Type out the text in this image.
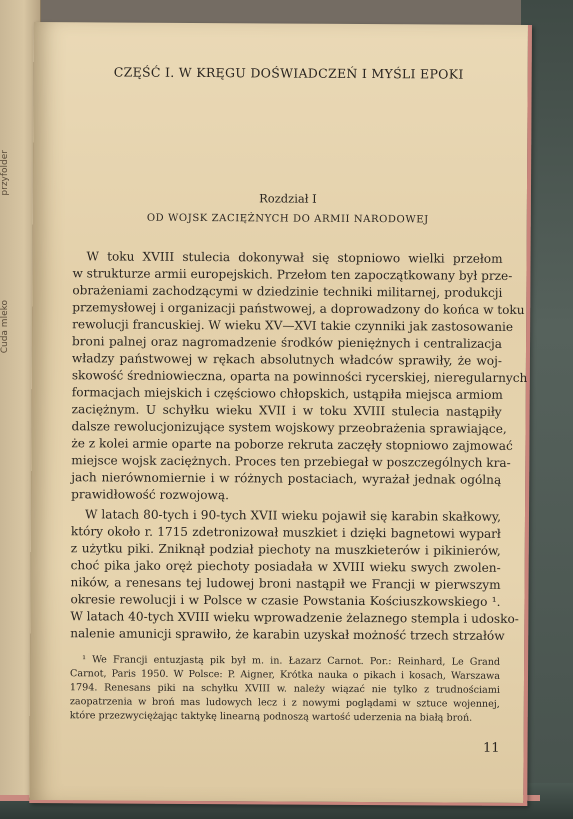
przyfolder
Cuda mleko
CZĘŚĆ I. W KRĘGU DOŚWIADCZEŃ I MYŚLI EPOKI
Rozdział I
OD WOJSK ZACIĘŻNYCH DO ARMII NARODOWEJ
W toku XVIII stulecia dokonywał się stopniowo wielki przełom
w strukturze armii europejskich. Przełom ten zapoczątkowany był prze-
obrażeniami zachodzącymi w dziedzinie techniki militarnej, produkcji
przemysłowej i organizacji państwowej, a doprowadzony do końca w toku
rewolucji francuskiej. W wieku XV—XVI takie czynniki jak zastosowanie
broni palnej oraz nagromadzenie środków pieniężnych i centralizacja
władzy państwowej w rękach absolutnych władców sprawiły, że woj-
skowość średniowieczna, oparta na powinności rycerskiej, nieregularnych
formacjach miejskich i częściowo chłopskich, ustąpiła miejsca armiom
zaciężnym. U schyłku wieku XVII i w toku XVIII stulecia nastąpiły
dalsze rewolucjonizujące system wojskowy przeobrażenia sprawiające,
że z kolei armie oparte na poborze rekruta zaczęły stopniowo zajmować
miejsce wojsk zaciężnych. Proces ten przebiegał w poszczególnych kra-
jach nierównomiernie i w różnych postaciach, wyrażał jednak ogólną
prawidłowość rozwojową.
W latach 80-tych i 90-tych XVII wieku pojawił się karabin skałkowy,
który około r. 1715 zdetronizował muszkiet i dzięki bagnetowi wyparł
z użytku piki. Zniknął podział piechoty na muszkieterów i pikinierów,
choć pika jako oręż piechoty posiadała w XVIII wieku swych zwolen-
ników, a renesans tej ludowej broni nastąpił we Francji w pierwszym
okresie rewolucji i w Polsce w czasie Powstania Kościuszkowskiego ¹.
W latach 40-tych XVIII wieku wprowadzenie żelaznego stempla i udosko-
nalenie amunicji sprawiło, że karabin uzyskał możność trzech strzałów
¹ We Francji entuzjastą pik był m. in. Łazarz Carnot. Por.: Reinhard, Le Grand
Carnot, Paris 1950. W Polsce: P. Aigner, Krótka nauka o pikach i kosach, Warszawa
1794. Renesans piki na schyłku XVIII w. należy wiązać nie tylko z trudnościami
zaopatrzenia w broń mas ludowych lecz i z nowymi poglądami w sztuce wojennej,
które przezwyciężając taktykę linearną podnoszą wartość uderzenia na białą broń.
11
